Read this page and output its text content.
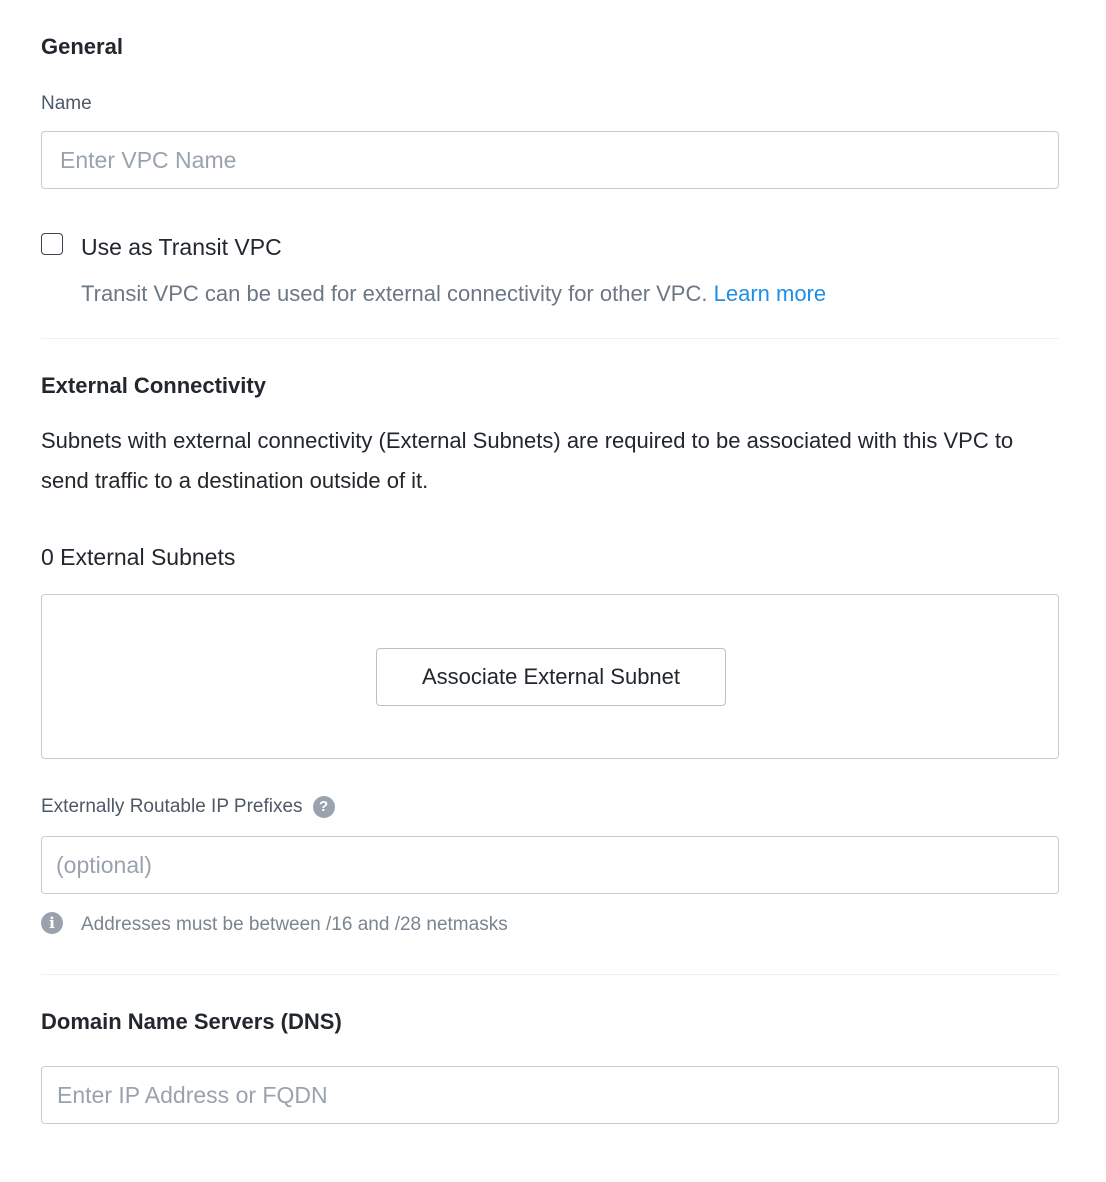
General
Name
Enter VPC Name
Use as Transit VPC
Transit VPC can be used for external connectivity for other VPC. Learn more
External Connectivity
Subnets with external connectivity (External Subnets) are required to be associated with this VPC to send traffic to a destination outside of it.
0 External Subnets
Associate External Subnet
Externally Routable IP Prefixes ?
(optional)
i	Addresses must be between /16 and /28 netmasks
Domain Name Servers (DNS)
Enter IP Address or FQDN
